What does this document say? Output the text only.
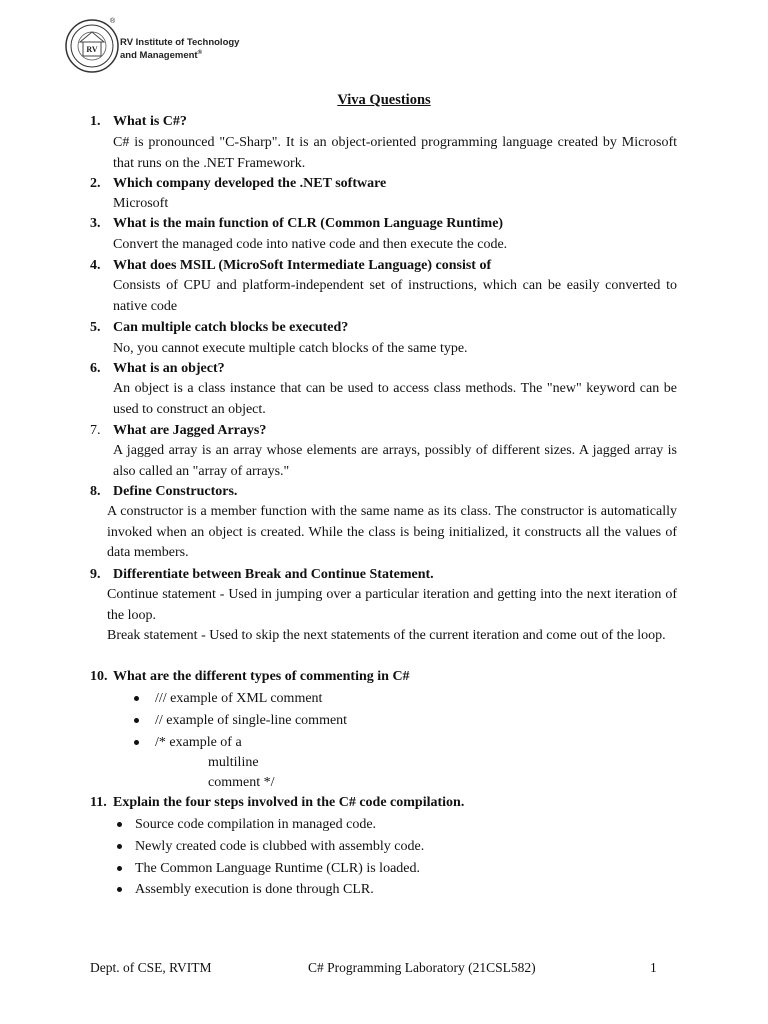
RV
®
RV Institute of Technology
and Management®
Viva Questions
1. What is C#?
C# is pronounced "C-Sharp". It is an object-oriented programming language created by Microsoft that runs on the .NET Framework.
2. Which company developed the .NET software
Microsoft
3. What is the main function of CLR (Common Language Runtime)
Convert the managed code into native code and then execute the code.
4. What does MSIL (MicroSoft Intermediate Language) consist of
Consists of CPU and platform-independent set of instructions, which can be easily converted to native code
5. Can multiple catch blocks be executed?
No, you cannot execute multiple catch blocks of the same type.
6. What is an object?
An object is a class instance that can be used to access class methods. The "new" keyword can be used to construct an object.
7. What are Jagged Arrays?
A jagged array is an array whose elements are arrays, possibly of different sizes. A jagged array is also called an "array of arrays."
8. Define Constructors.
A constructor is a member function with the same name as its class. The constructor is automatically invoked when an object is created. While the class is being initialized, it constructs all the values of data members.
9. Differentiate between Break and Continue Statement.
Continue statement - Used in jumping over a particular iteration and getting into the next iteration of the loop.
Break statement - Used to skip the next statements of the current iteration and come out of the loop.
10. What are the different types of commenting in C#
/// example of XML comment
// example of single-line comment
/* example of a
multiline
comment */
11. Explain the four steps involved in the C# code compilation.
Source code compilation in managed code.
Newly created code is clubbed with assembly code.
The Common Language Runtime (CLR) is loaded.
Assembly execution is done through CLR.
Dept. of CSE, RVITM	C# Programming Laboratory (21CSL582)	1
